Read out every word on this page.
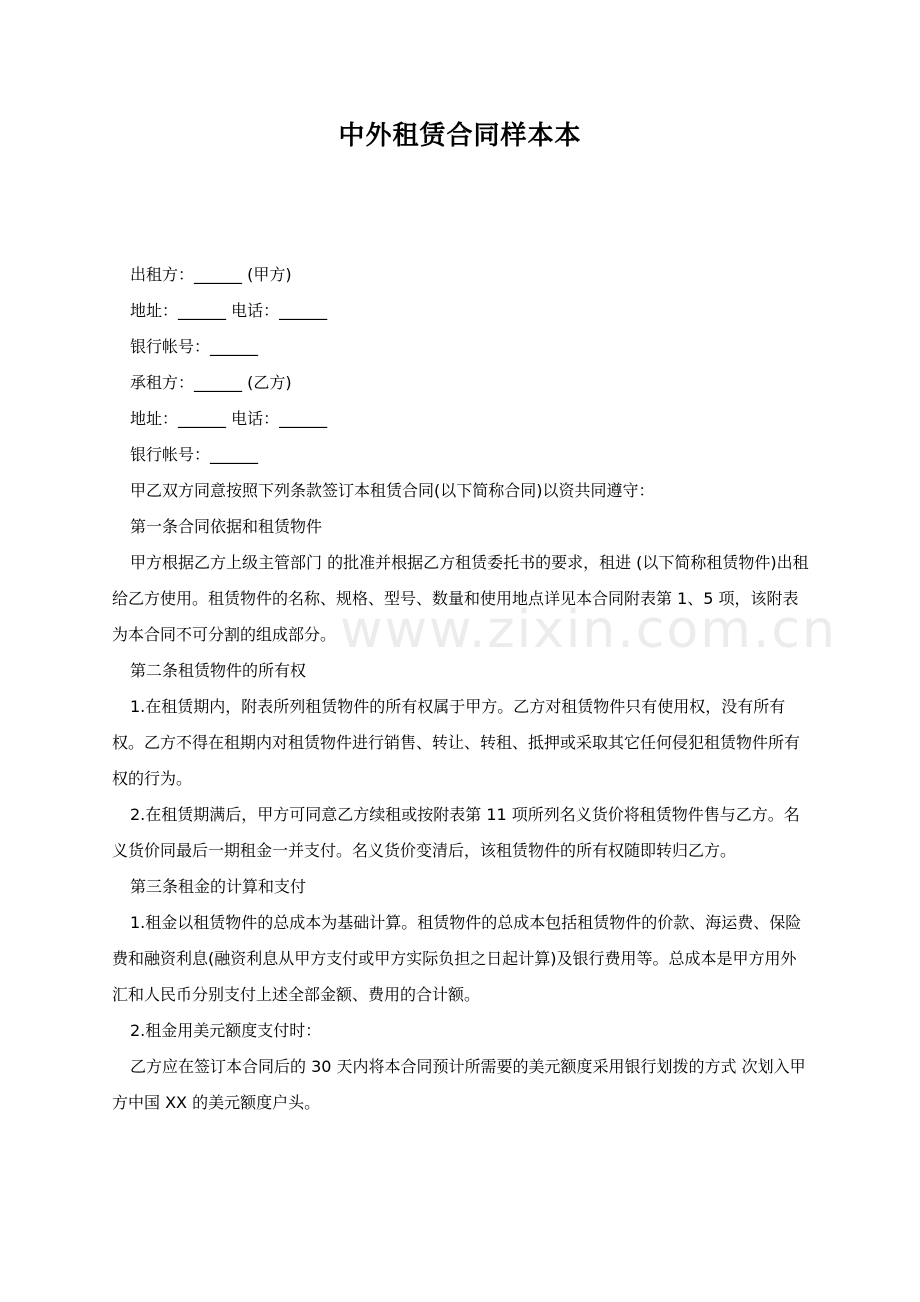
www.zixin.com.cn
中外租赁合同样本本

出租方：______ (甲方)

地址：______ 电话：______

银行帐号：______

承租方：______ (乙方)

地址：______ 电话：______

银行帐号：______

甲乙双方同意按照下列条款签订本租赁合同(以下简称合同)以资共同遵守：

第一条合同依据和租赁物件

甲方根据乙方上级主管部门 的批准并根据乙方租赁委托书的要求，租进 (以下简称租赁物件)出租给乙方使用。租赁物件的名称、规格、型号、数量和使用地点详见本合同附表第 1、5 项，该附表为本合同不可分割的组成部分。

第二条租赁物件的所有权

1.在租赁期内，附表所列租赁物件的所有权属于甲方。乙方对租赁物件只有使用权，没有所有权。乙方不得在租期内对租赁物件进行销售、转让、转租、抵押或采取其它任何侵犯租赁物件所有权的行为。

2.在租赁期满后，甲方可同意乙方续租或按附表第 11 项所列名义货价将租赁物件售与乙方。名义货价同最后一期租金一并支付。名义货价变清后，该租赁物件的所有权随即转归乙方。

第三条租金的计算和支付

1.租金以租赁物件的总成本为基础计算。租赁物件的总成本包括租赁物件的价款、海运费、保险费和融资利息(融资利息从甲方支付或甲方实际负担之日起计算)及银行费用等。总成本是甲方用外汇和人民币分别支付上述全部金额、费用的合计额。

2.租金用美元额度支付时：

乙方应在签订本合同后的 30 天内将本合同预计所需要的美元额度采用银行划拨的方式 次划入甲方中国 XX 的美元额度户头。
